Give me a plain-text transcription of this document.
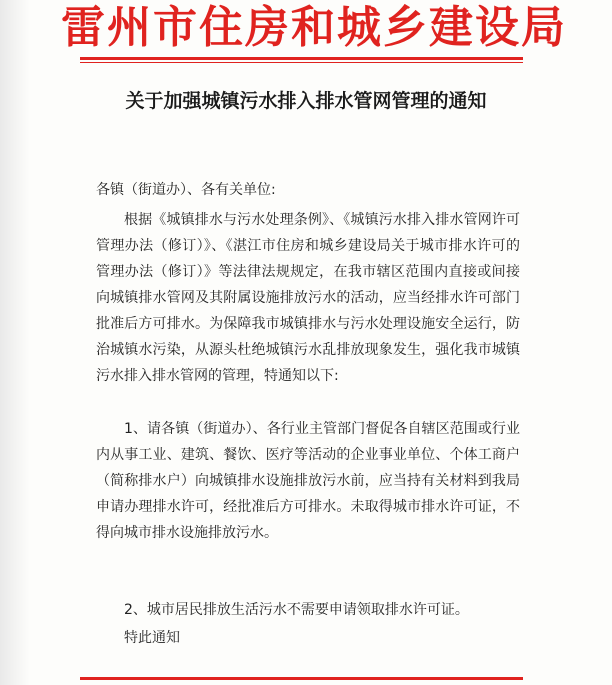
雷州市住房和城乡建设局
关于加强城镇污水排入排水管网管理的通知
各镇（街道办）、各有关单位:
根据《城镇排水与污水处理条例》、《城镇污水排入排水管网许可管理办法（修订）》、《湛江市住房和城乡建设局关于城市排水许可的管理办法（修订）》等法律法规规定，在我市辖区范围内直接或间接向城镇排水管网及其附属设施排放污水的活动，应当经排水许可部门批准后方可排水。为保障我市城镇排水与污水处理设施安全运行，防治城镇水污染，从源头杜绝城镇污水乱排放现象发生，强化我市城镇污水排入排水管网的管理，特通知以下:
1、请各镇（街道办）、各行业主管部门督促各自辖区范围或行业内从事工业、建筑、餐饮、医疗等活动的企业事业单位、个体工商户（简称排水户）向城镇排水设施排放污水前，应当持有关材料到我局申请办理排水许可，经批准后方可排水。未取得城市排水许可证，不得向城市排水设施排放污水。
2、城市居民排放生活污水不需要申请领取排水许可证。
特此通知
